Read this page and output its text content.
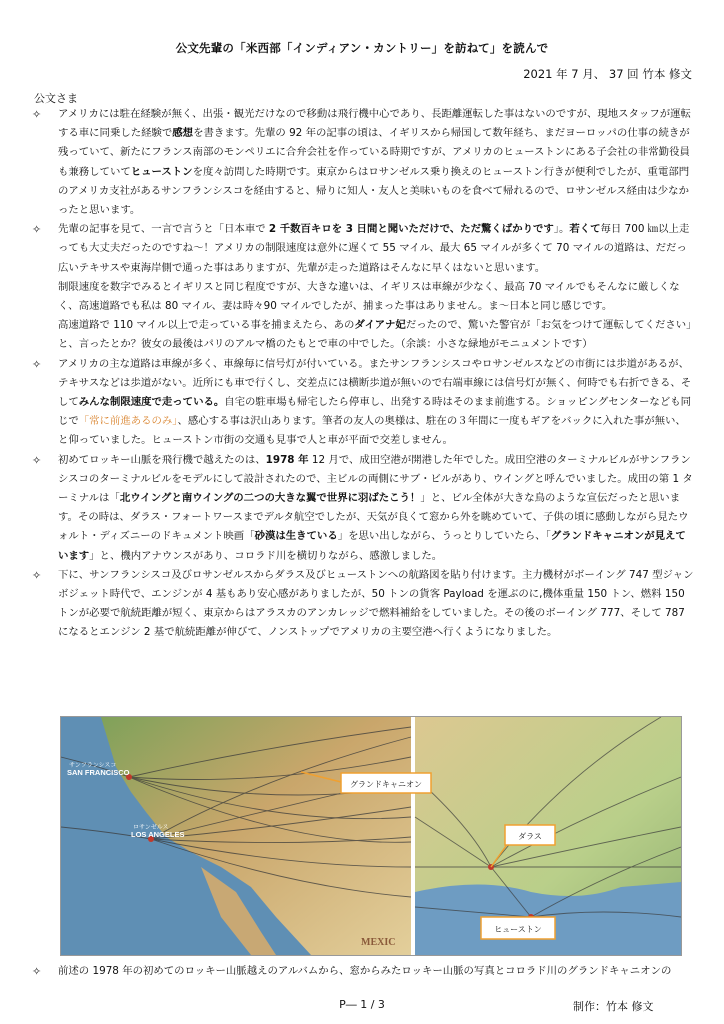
公文先輩の「米西部「インディアン・カントリー」を訪ねて」を読んで
2021 年 7 月、 37 回 竹本 修文
公文さま

✧ アメリカには駐在経験が無く、出張・観光だけなので移動は飛行機中心であり、長距離運転した事はないのですが、現地スタッフが運転する車に同乗した経験で感想を書きます。先輩の 92 年の記事の頃は、イギリスから帰国して数年経ち、まだヨーロッパの仕事の続きが残っていて、新たにフランス南部のモンペリエに合弁会社を作っている時期ですが、アメリカのヒューストンにある子会社の非常勤役員も兼務していてヒューストンを度々訪問した時期です。東京からはロサンゼルス乗り換えのヒューストン行きが便利でしたが、重電部門のアメリカ支社があるサンフランシスコを経由すると、帰りに知人・友人と美味いものを食べて帰れるので、ロサンゼルス経由は少なかったと思います。

✧ 先輩の記事を見て、一言で言うと「日本車で 2 千数百キロを 3 日間と聞いただけで、ただ驚くばかりです」。若くて毎日 700 ㎞以上走っても大丈夫だったのですね～！アメリカの制限速度は意外に遅くて 55 マイル、最大 65 マイルが多くて 70 マイルの道路は、だだっ広いテキサスや東海岸側で通った事はありますが、先輩が走った道路はそんなに早くはないと思います。

制限速度を数字でみるとイギリスと同じ程度ですが、大きな違いは、イギリスは車線が少なく、最高 70 マイルでもそんなに厳しくなく、高速道路でも私は 80 マイル、妻は時々90 マイルでしたが、捕まった事はありません。ま～日本と同じ感じです。

高速道路で 110 マイル以上で走っている事を捕まえたら、あのダイアナ妃だったので、驚いた警官が「お気をつけて運転してください」と、言ったとか？彼女の最後はパリのアルマ橋のたもとで車の中でした。（余談：小さな緑地がモニュメントです）

✧ アメリカの主な道路は車線が多く、車線毎に信号灯が付いている。またサンフランシスコやロサンゼルスなどの市街には歩道があるが、テキサスなどは歩道がない。近所にも車で行くし、交差点には横断歩道が無いので右端車線には信号灯が無く、何時でも右折できる、そしてみんな制限速度で走っている。自宅の駐車場も帰宅したら停車し、出発する時はそのまま前進する。ショッピングセンターなども同じで「常に前進あるのみ」、感心する事は沢山あります。筆者の友人の奥様は、駐在の３年間に一度もギアをバックに入れた事が無い、と仰っていました。ヒューストン市街の交通も見事で人と車が平面で交差しません。

✧ 初めてロッキー山脈を飛行機で越えたのは、1978 年 12 月で、成田空港が開港した年でした。成田空港のターミナルビルがサンフランシスコのターミナルビルをモデルにして設計されたので、主ビルの両側にサブ・ビルがあり、ウイングと呼んでいました。成田の第 1 ターミナルは「北ウイングと南ウイングの二つの大きな翼で世界に羽ばたこう！」と、ビル全体が大きな鳥のような宣伝だったと思います。その時は、ダラス・フォートワースまでデルタ航空でしたが、天気が良くて窓から外を眺めていて、子供の頃に感動しながら見たウォルト・ディズニーのドキュメント映画「砂漠は生きている」を思い出しながら、うっとりしていたら、「グランドキャニオンが見えています」と、機内アナウンスがあり、コロラド川を横切りながら、感激しました。

✧ 下に、サンフランシスコ及びロサンゼルスからダラス及びヒューストンへの航路図を貼り付けます。主力機材がボーイング 747 型ジャンボジェット時代で、エンジンが 4 基もあり安心感がありましたが、50 トンの貨客 Payload を運ぶのに,機体重量 150 トン、燃料 150 トンが必要で航続距離が短く、東京からはアラスカのアンカレッジで燃料補給をしていました。その後のボーイング 777、そして 787 になるとエンジン 2 基で航続距離が伸びて、ノンストップでアメリカの主要空港へ行くようになりました。

サンフランシスコ
SAN FRANCISCO
ロサンゼルス
LOS ANGELES
MEXIC
グランドキャニオン
ダラス
ヒューストン

✧ 前述の 1978 年の初めてのロッキー山脈越えのアルバムから、窓からみたロッキー山脈の写真とコロラド川のグランドキャニオンの

P― 1 / 3	制作：竹本 修文
